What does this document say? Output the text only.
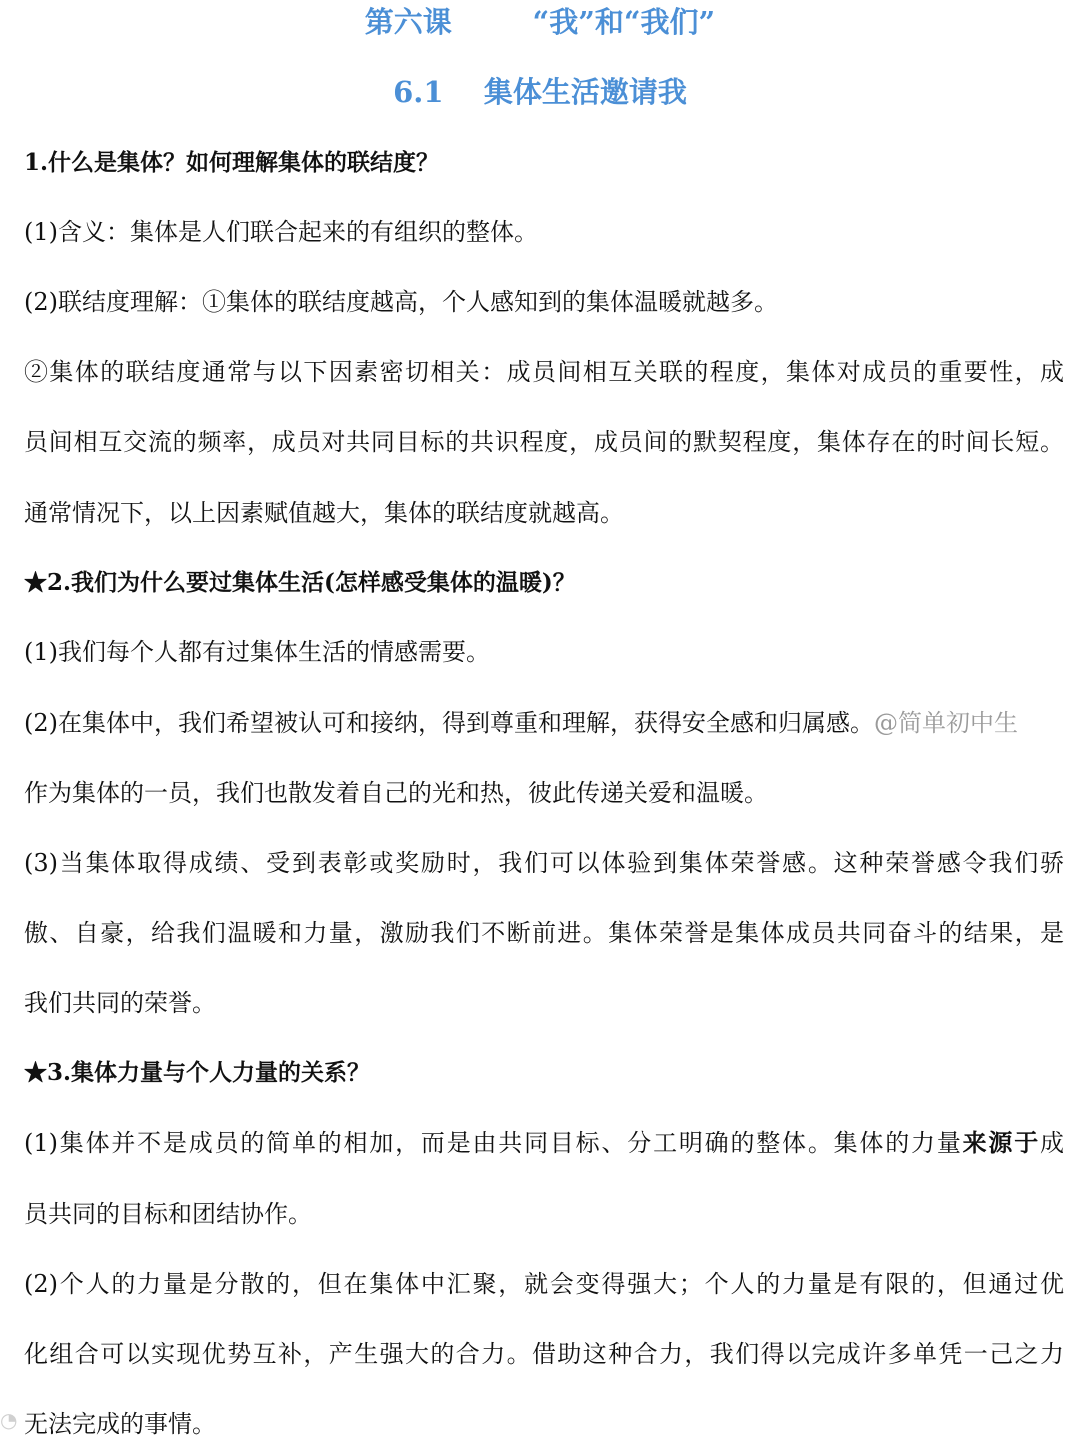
第六课        “我”和“我们”
6.1    集体生活邀请我
1.什么是集体？如何理解集体的联结度？
(1)含义：集体是人们联合起来的有组织的整体。
(2)联结度理解：①集体的联结度越高，个人感知到的集体温暖就越多。
②集体的联结度通常与以下因素密切相关：成员间相互关联的程度，集体对成员的重要性，成
员间相互交流的频率，成员对共同目标的共识程度，成员间的默契程度，集体存在的时间长短。
通常情况下，以上因素赋值越大，集体的联结度就越高。
★2.我们为什么要过集体生活(怎样感受集体的温暖)？
(1)我们每个人都有过集体生活的情感需要。
(2)在集体中，我们希望被认可和接纳，得到尊重和理解，获得安全感和归属感。@简单初中生
作为集体的一员，我们也散发着自己的光和热，彼此传递关爱和温暖。
(3)当集体取得成绩、受到表彰或奖励时，我们可以体验到集体荣誉感。这种荣誉感令我们骄
傲、自豪，给我们温暖和力量，激励我们不断前进。集体荣誉是集体成员共同奋斗的结果，是
我们共同的荣誉。
★3.集体力量与个人力量的关系？
(1)集体并不是成员的简单的相加，而是由共同目标、分工明确的整体。集体的力量来源于成
员共同的目标和团结协作。
(2)个人的力量是分散的，但在集体中汇聚，就会变得强大；个人的力量是有限的，但通过优
化组合可以实现优势互补，产生强大的合力。借助这种合力，我们得以完成许多单凭一己之力
无法完成的事情。
◔
